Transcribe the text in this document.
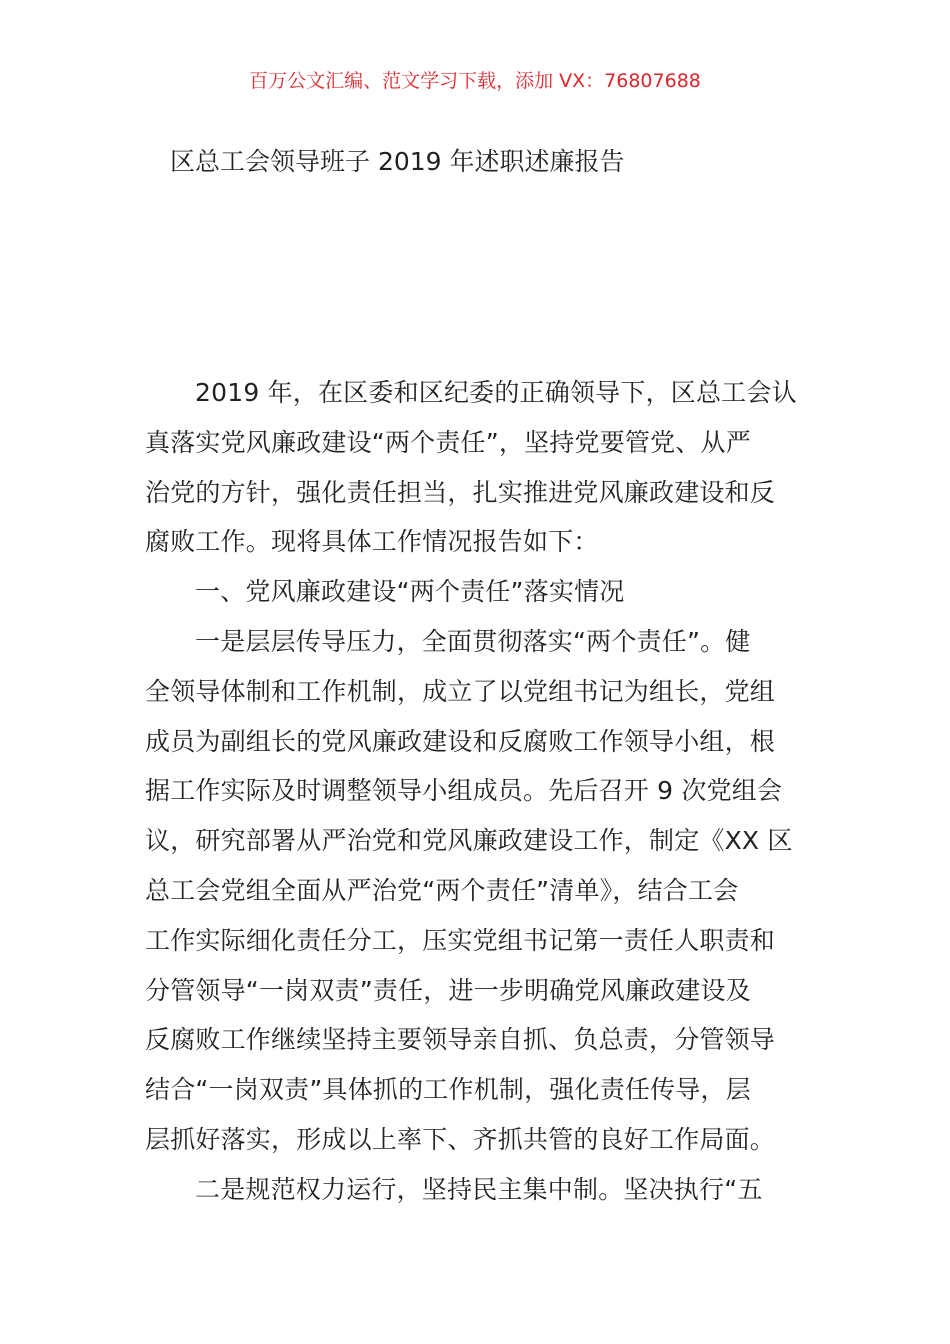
百万公文汇编、范文学习下载，添加 VX：76807688
区总工会领导班子 2019 年述职述廉报告
2019 年，在区委和区纪委的正确领导下，区总工会认
真落实党风廉政建设“两个责任”，坚持党要管党、从严
治党的方针，强化责任担当，扎实推进党风廉政建设和反
腐败工作。现将具体工作情况报告如下：
一、党风廉政建设“两个责任”落实情况
一是层层传导压力，全面贯彻落实“两个责任”。健
全领导体制和工作机制，成立了以党组书记为组长，党组
成员为副组长的党风廉政建设和反腐败工作领导小组，根
据工作实际及时调整领导小组成员。先后召开 9 次党组会
议，研究部署从严治党和党风廉政建设工作，制定《XX 区
总工会党组全面从严治党“两个责任”清单》，结合工会
工作实际细化责任分工，压实党组书记第一责任人职责和
分管领导“一岗双责”责任，进一步明确党风廉政建设及
反腐败工作继续坚持主要领导亲自抓、负总责，分管领导
结合“一岗双责”具体抓的工作机制，强化责任传导，层
层抓好落实，形成以上率下、齐抓共管的良好工作局面。
二是规范权力运行，坚持民主集中制。坚决执行“五
